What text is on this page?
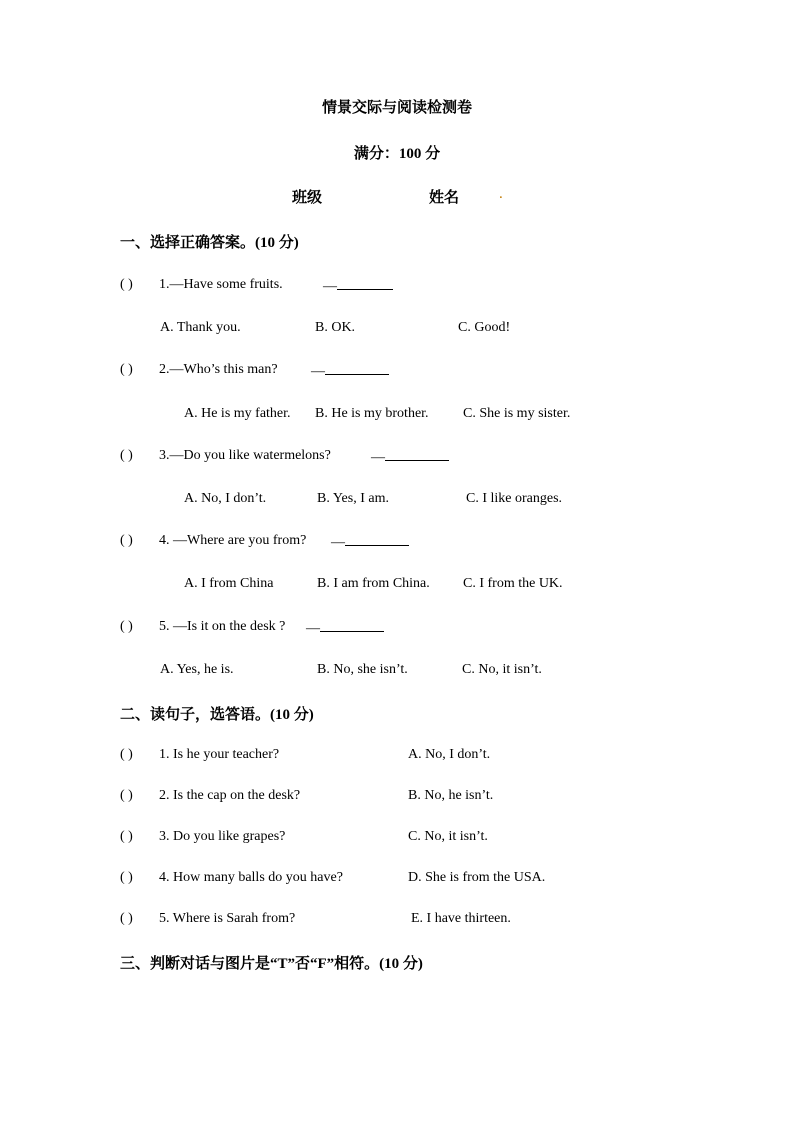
情景交际与阅读检测卷
满分：100 分
班级	姓名	.
一、选择正确答案。(10 分)
( ) 1.—Have some fruits.	—
A. Thank you.	B. OK.	C. Good!
( ) 2.—Who’s this man? —
A. He is my father. B. He is my brother. C. She is my sister.
( ) 3.—Do you like watermelons?	—
A. No, I don’t.	B. Yes, I am.	C. I like oranges.
( ) 4. —Where are you from? —
A. I from China	B. I am from China. C. I from the UK.
( ) 5. —Is it on the desk ? —
A. Yes, he is.	B. No, she isn’t.	C. No, it isn’t.
二、读句子，选答语。(10 分)
( ) 1. Is he your teacher?	A. No, I don’t.
( ) 2. Is the cap on the desk?	B. No, he isn’t.
( ) 3. Do you like grapes?	C. No, it isn’t.
( ) 4. How many balls do you have?	D. She is from the USA.
( ) 5. Where is Sarah from?	E. I have thirteen.
三、判断对话与图片是“T”否“F”相符。(10 分)
